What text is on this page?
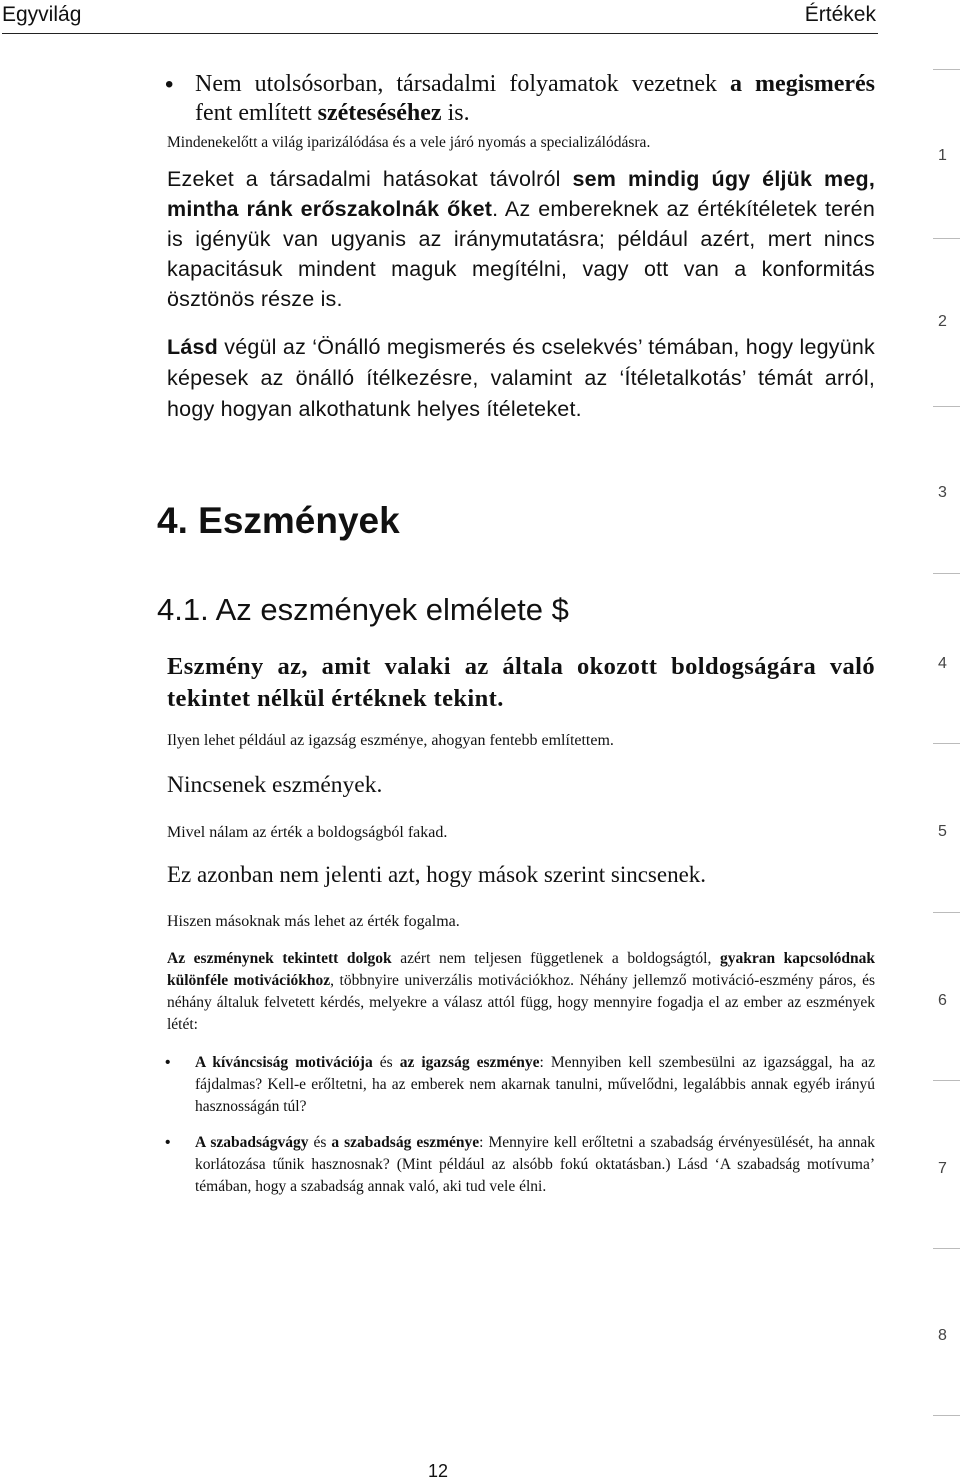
Egyvilág	Értékek

• Nem utolsósorban, társadalmi folyamatok vezetnek a megismerés fent említett széteséséhez is.

Mindenekelőtt a világ iparizálódása és a vele járó nyomás a specializálódásra.

Ezeket a társadalmi hatásokat távolról sem mindig úgy éljük meg, mintha ránk erőszakolnák őket. Az embereknek az értékítéletek terén is igényük van ugyanis az iránymutatásra; például azért, mert nincs kapacitásuk mindent maguk megítélni, vagy ott van a konformitás ösztönös része is.

Lásd végül az ‘Önálló megismerés és cselekvés’ témában, hogy legyünk képesek az önálló ítélkezésre, valamint az ‘Ítéletalkotás’ témát arról, hogy hogyan alkothatunk helyes ítéleteket.

4. Eszmények
4.1. Az eszmények elmélete $

Eszmény az, amit valaki az általa okozott boldogságára való tekintet nélkül értéknek tekint.

Ilyen lehet például az igazság eszménye, ahogyan fentebb említettem.

Nincsenek eszmények.

Mivel nálam az érték a boldogságból fakad.

Ez azonban nem jelenti azt, hogy mások szerint sincsenek.

Hiszen másoknak más lehet az érték fogalma.

Az eszménynek tekintett dolgok azért nem teljesen függetlenek a boldogságtól, gyakran kapcsolódnak különféle motivációkhoz, többnyire univerzális motivációkhoz. Néhány jellemző motiváció-eszmény páros, és néhány általuk felvetett kérdés, melyekre a válasz attól függ, hogy mennyire fogadja el az ember az eszmények létét:

• A kíváncsiság motivációja és az igazság eszménye: Mennyiben kell szembesülni az igazsággal, ha az fájdalmas? Kell-e erőltetni, ha az emberek nem akarnak tanulni, művelődni, legalábbis annak egyéb irányú hasznosságán túl?

• A szabadságvágy és a szabadság eszménye: Mennyire kell erőltetni a szabadság érvényesülését, ha annak korlátozása tűnik hasznosnak? (Mint például az alsóbb fokú oktatásban.) Lásd ‘A szabadság motívuma’ témában, hogy a szabadság annak való, aki tud vele élni.

1
2
3
4
5
6
7
8
12
